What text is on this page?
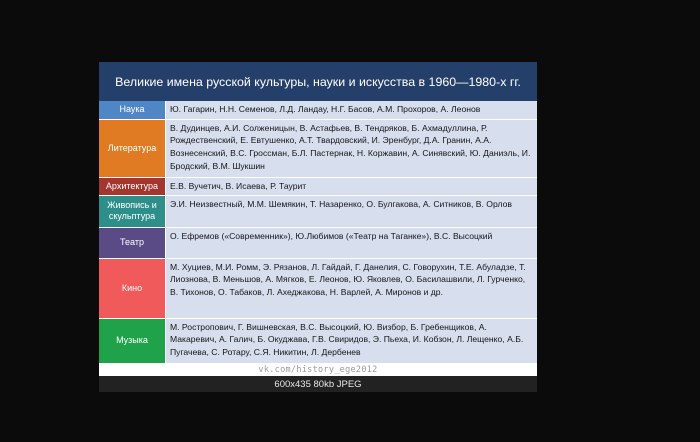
Великие имена русской культуры, науки и искусства в 1960—1980-х гг.
Наука	Ю. Гагарин, Н.Н. Семенов, Л.Д. Ландау, Н.Г. Басов, А.М. Прохоров, А. Леонов
Литература	В. Дудинцев, А.И. Солженицын, В. Астафьев, В. Тендряков, Б. Ахмадуллина, Р. Рождественский, Е. Евтушенко, А.Т. Твардовский, И. Эренбург, Д.А. Гранин, А.А. Вознесенский, В.С. Гроссман, Б.Л. Пастернак, Н. Коржавин, А. Синявский, Ю. Даниэль, И. Бродский, В.М. Шукшин
Архитектура	Е.В. Вучетич, В. Исаева, Р. Таурит
Живопись и скульптура	Э.И. Неизвестный, М.М. Шемякин, Т. Назаренко, О. Булгакова, А. Ситников, В. Орлов
Театр	О. Ефремов («Современник»), Ю.Любимов («Театр на Таганке»), В.С. Высоцкий
Кино	М. Хуциев, М.И. Ромм, Э. Рязанов, Л. Гайдай, Г. Данелия, С. Говорухин, Т.Е. Абуладзе, Т. Лиознова, В. Меньшов, А. Мягков, Е. Леонов, Ю. Яковлев, О. Басилашвили, Л. Гурченко, В. Тихонов, О. Табаков, Л. Ахеджакова, Н. Варлей, А. Миронов и др.
Музыка	М. Ростропович, Г. Вишневская, В.С. Высоцкий, Ю. Визбор, Б. Гребенщиков, А. Макаревич, А. Галич, Б. Окуджава, Г.В. Свиридов, Э. Пьеха, И. Кобзон, Л. Лещенко, А.Б. Пугачева, С. Ротару, С.Я. Никитин, Л. Дербенев
vk.com/history_ege2012
600x435 80kb JPEG
